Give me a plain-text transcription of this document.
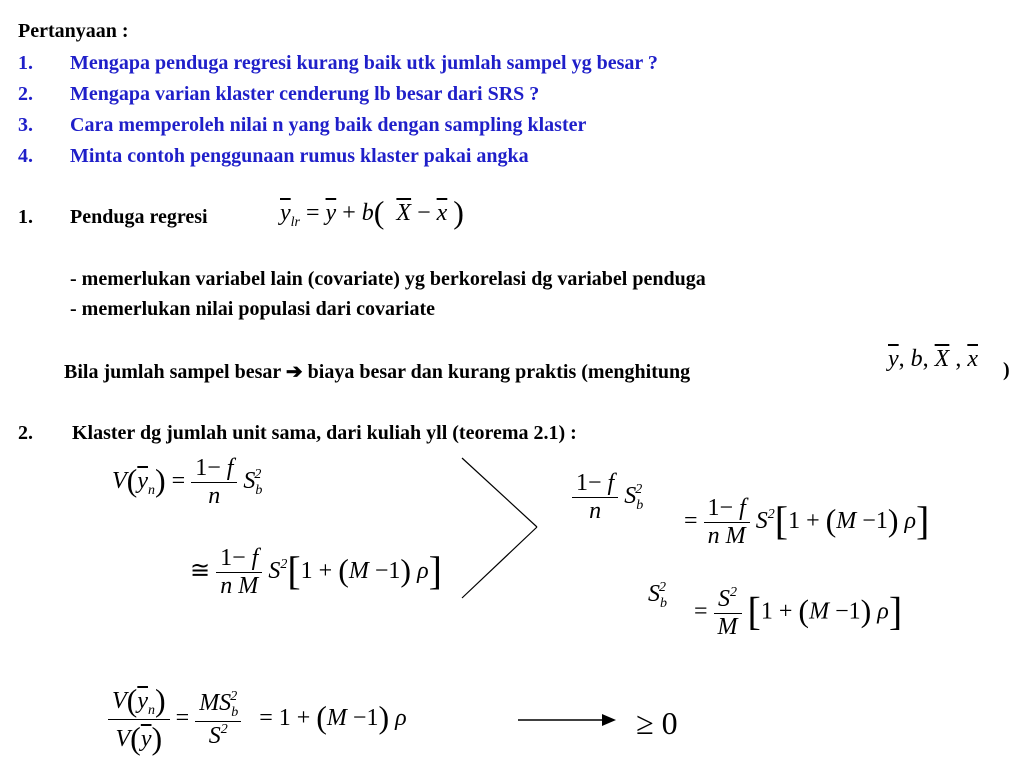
Pertanyaan :
1. Mengapa penduga regresi kurang baik utk jumlah sampel yg besar ?
2. Mengapa varian klaster cenderung lb besar dari SRS ?
3. Cara memperoleh nilai n yang baik dengan sampling klaster
4. Minta contoh penggunaan rumus klaster pakai angka
1. Penduga regresi	$\overline{y}_{lr} = \overline{y} + b$( $\overline{X} - \overline{x}$ )
- memerlukan variabel lain (covariate) yg berkorelasi dg variabel penduga
- memerlukan nilai populasi dari covariate
Bila jumlah sampel besar ➔ biaya besar dan kurang praktis (menghitung	$\overline{y}$, b, $\overline{X}$ , $\overline{x}$ )
2. Klaster dg jumlah unit sama, dari kuliah yll (teorema 2.1) :
$V(\overline{y}_n) = \frac{1- f}{n} S_b^2$
≅ $\frac{1- f}{\text{n M}} S^2[1 + (M -1)$ ρ]
$\frac{1- f}{n} S_b^2$
= $\frac{1- f}{\text{n M}} S^2[1 + (M -1)$ ρ]
$S_b^2$
= $\frac{S^2}{M} [1 + (M -1)$ ρ]
$\frac{V(\overline{y}_n)}{V(\overline{y})} = \frac{MS_b^2}{S^2} = 1 + (M -1)$ ρ	≥ 0
